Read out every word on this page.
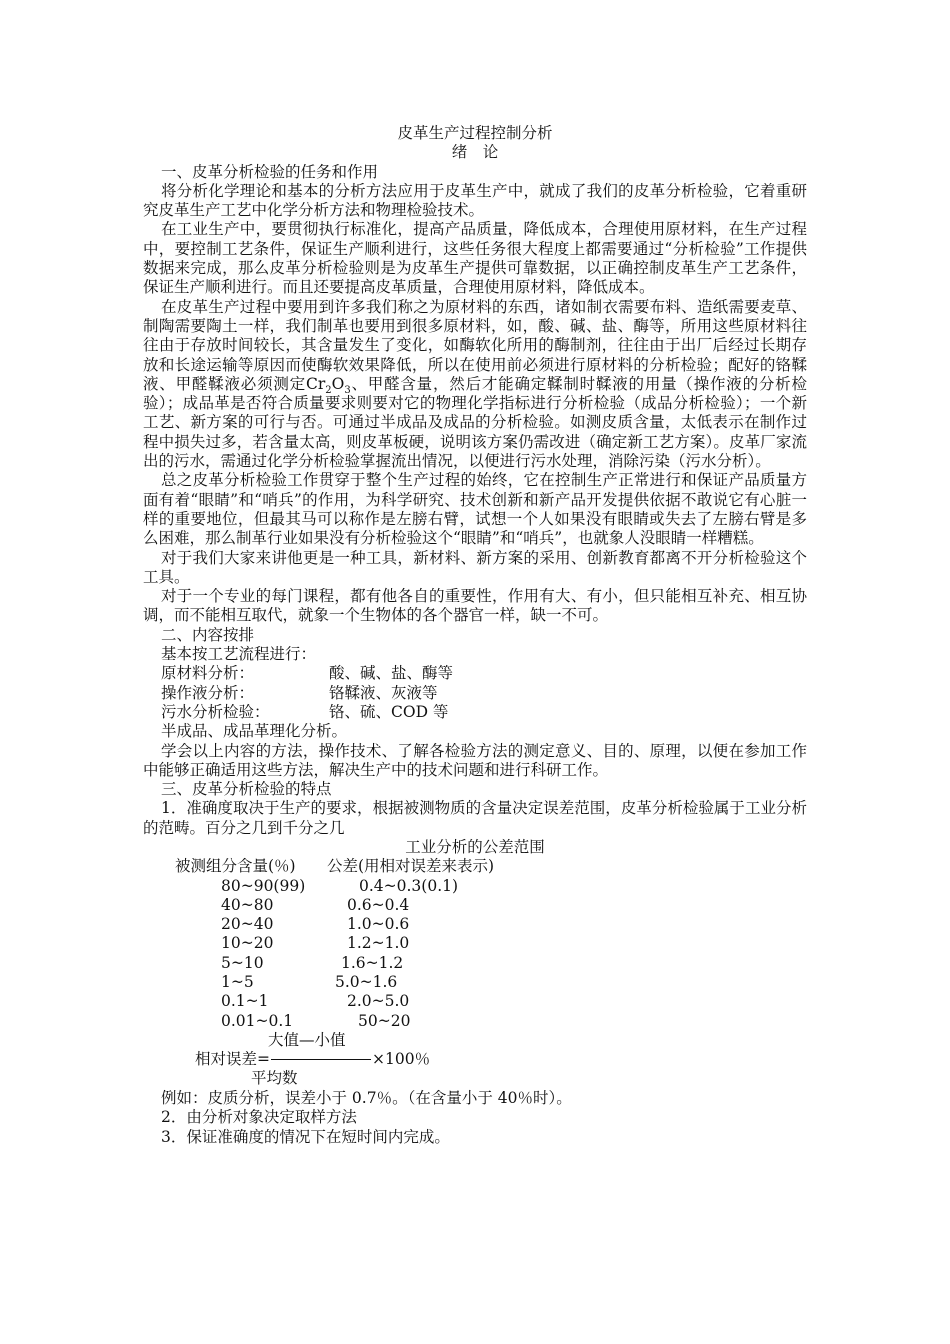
皮革生产过程控制分析
绪　论
一、皮革分析检验的任务和作用

将分析化学理论和基本的分析方法应用于皮革生产中，就成了我们的皮革分析检验，它着重研究皮革生产工艺中化学分析方法和物理检验技术。

在工业生产中，要贯彻执行标准化，提高产品质量，降低成本，合理使用原材料，在生产过程中，要控制工艺条件，保证生产顺利进行，这些任务很大程度上都需要通过“分析检验”工作提供数据来完成，那么皮革分析检验则是为皮革生产提供可靠数据，以正确控制皮革生产工艺条件，保证生产顺利进行。而且还要提高皮革质量，合理使用原材料，降低成本。

在皮革生产过程中要用到许多我们称之为原材料的东西，诸如制衣需要布料、造纸需要麦草、制陶需要陶土一样，我们制革也要用到很多原材料，如，酸、碱、盐、酶等，所用这些原材料往往由于存放时间较长，其含量发生了变化，如酶软化所用的酶制剂，往往由于出厂后经过长期存放和长途运输等原因而使酶软效果降低，所以在使用前必须进行原材料的分析检验；配好的铬鞣液、甲醛鞣液必须测定$Cr_2O_3$、甲醛含量，然后才能确定鞣制时鞣液的用量（操作液的分析检验）；成品革是否符合质量要求则要对它的物理化学指标进行分析检验（成品分析检验）；一个新工艺、新方案的可行与否。可通过半成品及成品的分析检验。如测皮质含量，太低表示在制作过程中损失过多，若含量太高，则皮革板硬，说明该方案仍需改进（确定新工艺方案）。皮革厂家流出的污水，需通过化学分析检验掌握流出情况，以便进行污水处理，消除污染（污水分析）。

总之皮革分析检验工作贯穿于整个生产过程的始终，它在控制生产正常进行和保证产品质量方面有着“眼睛”和“哨兵”的作用，为科学研究、技术创新和新产品开发提供依据不敢说它有心脏一样的重要地位，但最其马可以称作是左膀右臂，试想一个人如果没有眼睛或失去了左膀右臂是多么困难，那么制革行业如果没有分析检验这个“眼睛”和“哨兵”，也就象人没眼睛一样糟糕。

对于我们大家来讲他更是一种工具，新材料、新方案的采用、创新教育都离不开分析检验这个工具。

对于一个专业的每门课程，都有他各自的重要性，作用有大、有小，但只能相互补充、相互协调，而不能相互取代，就象一个生物体的各个器官一样，缺一不可。

二、内容按排
基本按工艺流程进行：
原材料分析：	酸、碱、盐、酶等
操作液分析：	铬鞣液、灰液等
污水分析检验：	铬、硫、COD 等
半成品、成品革理化分析。

学会以上内容的方法，操作技术、了解各检验方法的测定意义、目的、原理，以便在参加工作中能够正确适用这些方法，解决生产中的技术问题和进行科研工作。

三、皮革分析检验的特点

1．准确度取决于生产的要求，根据被测物质的含量决定误差范围，皮革分析检验属于工业分析的范畴。百分之几到千分之几

工业分析的公差范围
被测组分含量(％)	公差(用相对误差来表示)
80~90(99)	0.4~0.3(0.1)
40~80	0.6~0.4
20~40	1.0~0.6
10~20	1.2~1.0
5~10	1.6~1.2
1~5	5.0~1.6
0.1~1	2.0~5.0
0.01~0.1	50~20
大值—小值
相对误差=	×100％
平均数
例如：皮质分析，误差小于 0.7％。（在含量小于 40％时）。
2．由分析对象决定取样方法
3．保证准确度的情况下在短时间内完成。
